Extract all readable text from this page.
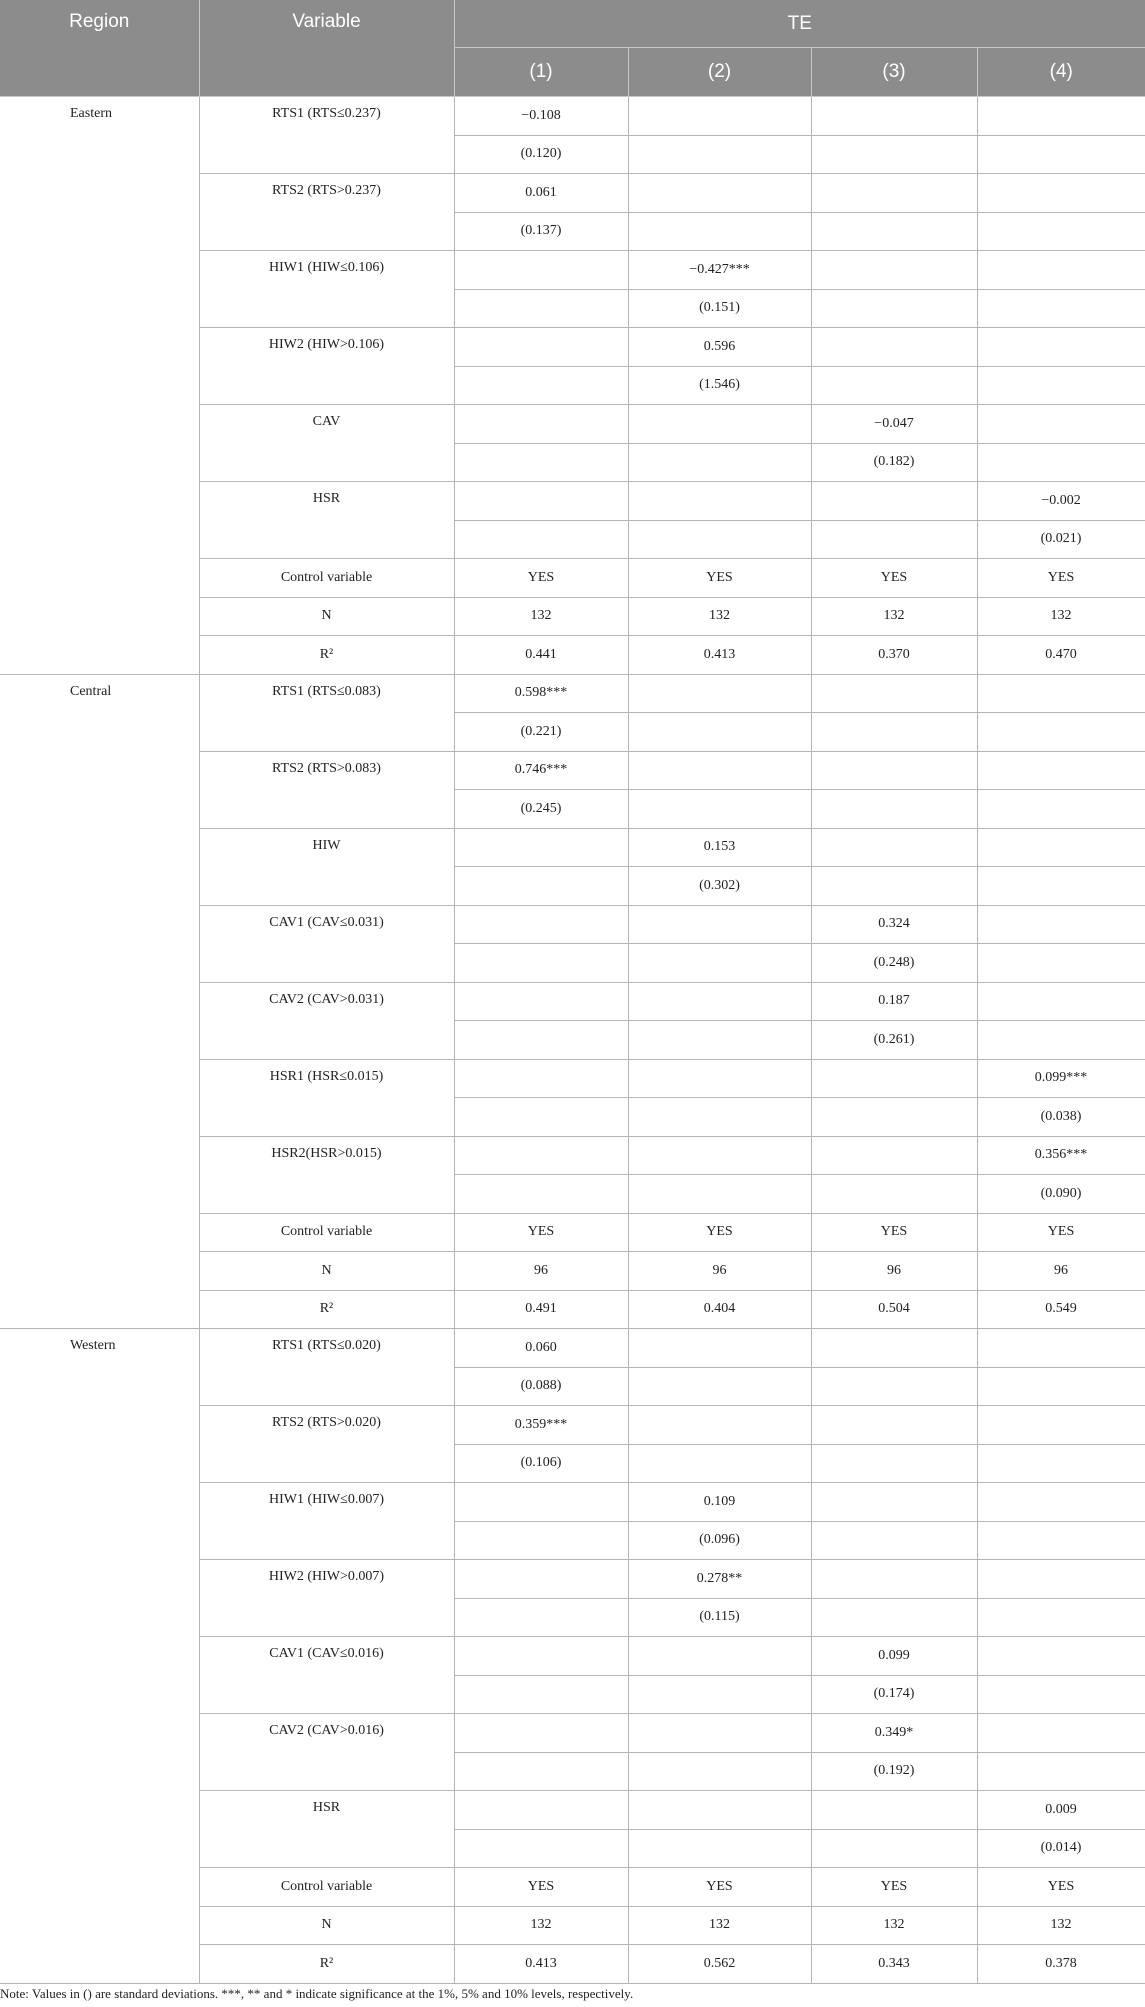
Region	Variable	TE			
		(1)	(2)	(3)	(4)
Eastern	RTS1 (RTS≤0.237)	−0.108			
		(0.120)			
	RTS2 (RTS>0.237)	0.061			
		(0.137)			
	HIW1 (HIW≤0.106)		−0.427***		
			(0.151)		
	HIW2 (HIW>0.106)		0.596		
			(1.546)		
	CAV			−0.047	
				(0.182)	
	HSR				−0.002
					(0.021)
	Control variable	YES	YES	YES	YES
	N	132	132	132	132
	R²	0.441	0.413	0.370	0.470
Central	RTS1 (RTS≤0.083)	0.598***			
		(0.221)			
	RTS2 (RTS>0.083)	0.746***			
		(0.245)			
	HIW		0.153		
			(0.302)		
	CAV1 (CAV≤0.031)			0.324	
				(0.248)	
	CAV2 (CAV>0.031)			0.187	
				(0.261)	
	HSR1 (HSR≤0.015)				0.099***
					(0.038)
	HSR2(HSR>0.015)				0.356***
					(0.090)
	Control variable	YES	YES	YES	YES
	N	96	96	96	96
	R²	0.491	0.404	0.504	0.549
Western	RTS1 (RTS≤0.020)	0.060			
		(0.088)			
	RTS2 (RTS>0.020)	0.359***			
		(0.106)			
	HIW1 (HIW≤0.007)		0.109		
			(0.096)		
	HIW2 (HIW>0.007)		0.278**		
			(0.115)		
	CAV1 (CAV≤0.016)			0.099	
				(0.174)	
	CAV2 (CAV>0.016)			0.349*	
				(0.192)	
	HSR				0.009
					(0.014)
	Control variable	YES	YES	YES	YES
	N	132	132	132	132
	R²	0.413	0.562	0.343	0.378
Note: Values in () are standard deviations. ***, ** and * indicate significance at the 1%, 5% and 10% levels, respectively.
